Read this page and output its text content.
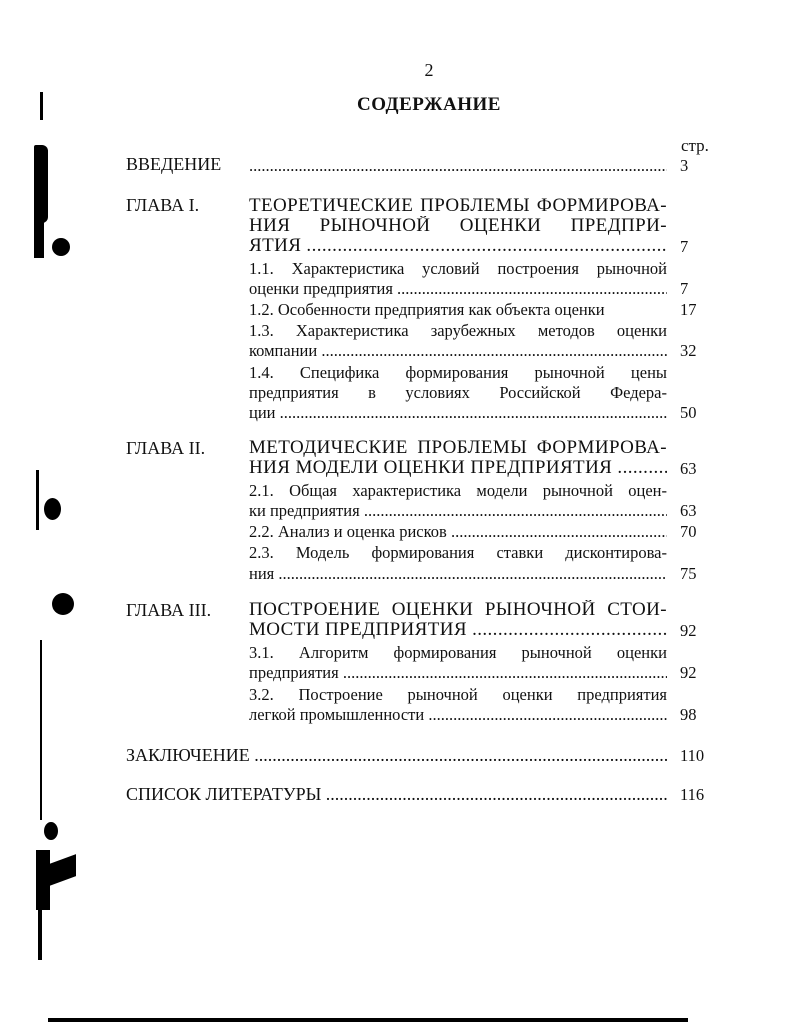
2
СОДЕРЖАНИЕ
стр.
ВВЕДЕНИЕ .....	3
ГЛАВА I.	ТЕОРЕТИЧЕСКИЕ ПРОБЛЕМЫ ФОРМИРОВА-
НИЯ РЫНОЧНОЙ ОЦЕНКИ ПРЕДПРИ-
ЯТИЯ .....	7
1.1. Характеристика условий построения рыночной
оценки предприятия .....	7
1.2. Особенности предприятия как объекта оценки	17
1.3. Характеристика зарубежных методов оценки
компании .....	32
1.4. Специфика формирования рыночной цены
предприятия в условиях Российской Федера-
ции .....	50
ГЛАВА II. МЕТОДИЧЕСКИЕ ПРОБЛЕМЫ ФОРМИРОВА-
НИЯ МОДЕЛИ ОЦЕНКИ ПРЕДПРИЯТИЯ .....	63
2.1. Общая характеристика модели рыночной оцен-
ки предприятия .....	63
2.2. Анализ и оценка рисков .....	70
2.3. Модель формирования ставки дисконтирова-
ния .....	75
ГЛАВА III. ПОСТРОЕНИЕ ОЦЕНКИ РЫНОЧНОЙ СТОИ-
МОСТИ ПРЕДПРИЯТИЯ .....	92
3.1. Алгоритм формирования рыночной оценки
предприятия .....	92
3.2. Построение рыночной оценки предприятия
легкой промышленности .....	98
ЗАКЛЮЧЕНИЕ .....	110
СПИСОК ЛИТЕРАТУРЫ .....	116
